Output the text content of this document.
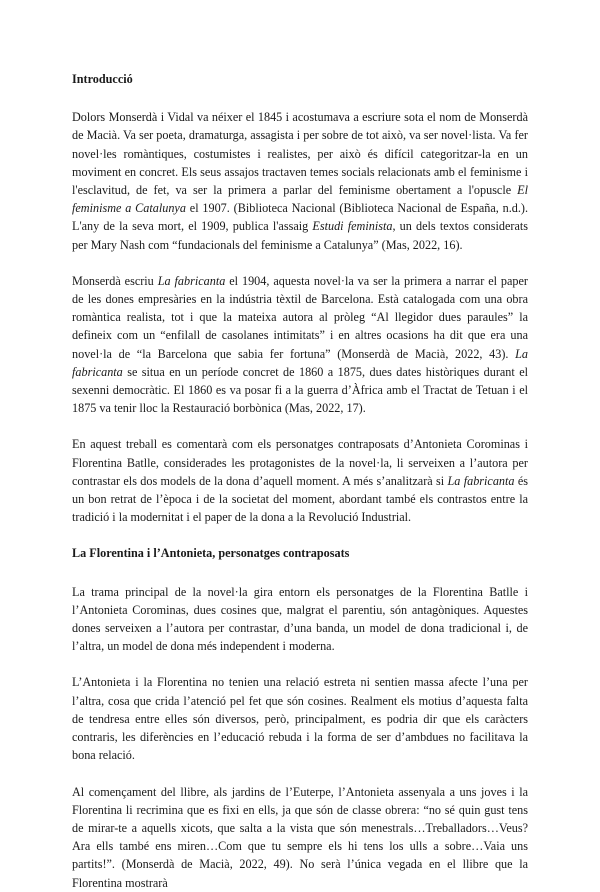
Introducció

Dolors Monserdà i Vidal va néixer el 1845 i acostumava a escriure sota el nom de Monserdà de Macià. Va ser poeta, dramaturga, assagista i per sobre de tot això, va ser novel·lista. Va fer novel·les romàntiques, costumistes i realistes, per això és difícil categoritzar-la en un moviment en concret. Els seus assajos tractaven temes socials relacionats amb el feminisme i l'esclavitud, de fet, va ser la primera a parlar del feminisme obertament a l'opuscle El feminisme a Catalunya el 1907. (Biblioteca Nacional (Biblioteca Nacional de España, n.d.). L'any de la seva mort, el 1909, publica l'assaig Estudi feminista, un dels textos considerats per Mary Nash com “fundacionals del feminisme a Catalunya” (Mas, 2022, 16).

Monserdà escriu La fabricanta el 1904, aquesta novel·la va ser la primera a narrar el paper de les dones empresàries en la indústria tèxtil de Barcelona. Està catalogada com una obra romàntica realista, tot i que la mateixa autora al pròleg “Al llegidor dues paraules” la defineix com un “enfilall de casolanes intimitats” i en altres ocasions ha dit que era una novel·la de “la Barcelona que sabia fer fortuna” (Monserdà de Macià, 2022, 43). La fabricanta se situa en un període concret de 1860 a 1875, dues dates històriques durant el sexenni democràtic. El 1860 es va posar fi a la guerra d’Àfrica amb el Tractat de Tetuan i el 1875 va tenir lloc la Restauració borbònica (Mas, 2022, 17).

En aquest treball es comentarà com els personatges contraposats d’Antonieta Corominas i Florentina Batlle, considerades les protagonistes de la novel·la, li serveixen a l’autora per contrastar els dos models de la dona d’aquell moment. A més s’analitzarà si La fabricanta és un bon retrat de l’època i de la societat del moment, abordant també els contrastos entre la tradició i la modernitat i el paper de la dona a la Revolució Industrial.

La Florentina i l’Antonieta, personatges contraposats

La trama principal de la novel·la gira entorn els personatges de la Florentina Batlle i l’Antonieta Corominas, dues cosines que, malgrat el parentiu, són antagòniques. Aquestes dones serveixen a l’autora per contrastar, d’una banda, un model de dona tradicional i, de l’altra, un model de dona més independent i moderna.

L’Antonieta i la Florentina no tenien una relació estreta ni sentien massa afecte l’una per l’altra, cosa que crida l’atenció pel fet que són cosines. Realment els motius d’aquesta falta de tendresa entre elles són diversos, però, principalment, es podria dir que els caràcters contraris, les diferències en l’educació rebuda i la forma de ser d’ambdues no facilitava la bona relació.

Al començament del llibre, als jardins de l’Euterpe, l’Antonieta assenyala a uns joves i la Florentina li recrimina que es fixi en ells, ja que són de classe obrera: “no sé quin gust tens de mirar-te a aquells xicots, que salta a la vista que són menestrals…Treballadors…Veus? Ara ells també ens miren…Com que tu sempre els hi tens los ulls a sobre…Vaia uns partits!”. (Monserdà de Macià, 2022, 49). No serà l’única vegada en el llibre que la Florentina mostrarà
